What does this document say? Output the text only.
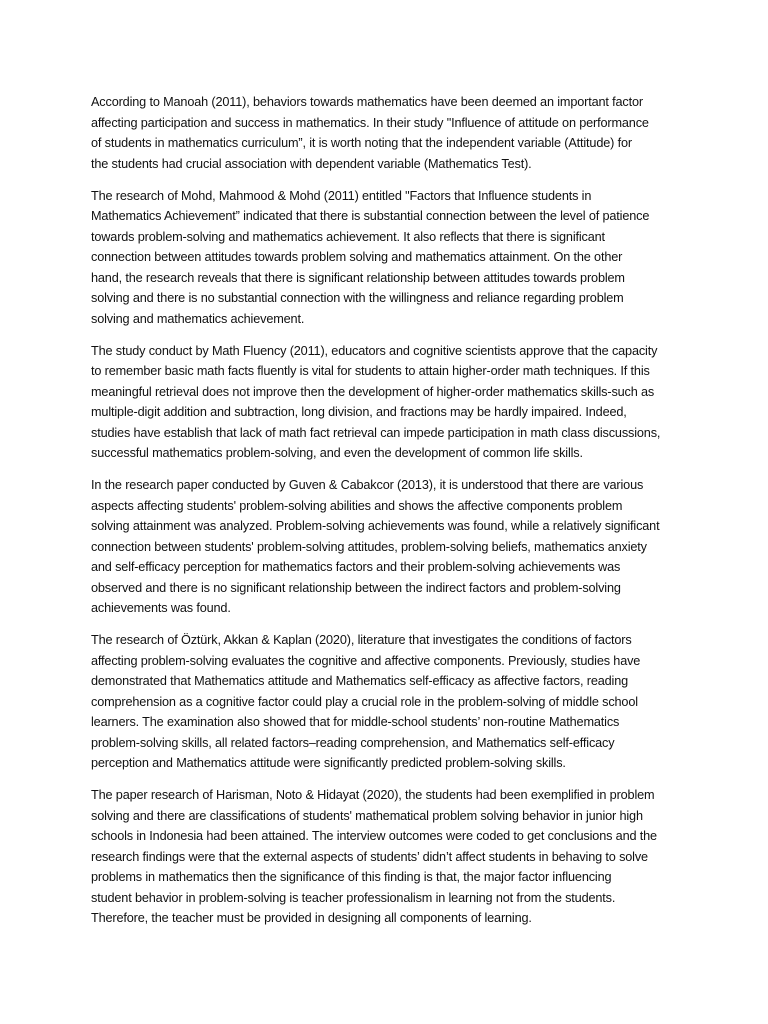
According to Manoah (2011), behaviors towards mathematics have been deemed an important factor
affecting participation and success in mathematics. In their study "Influence of attitude on performance
of students in mathematics curriculum”, it is worth noting that the independent variable (Attitude) for
the students had crucial association with dependent variable (Mathematics Test).

The research of Mohd, Mahmood & Mohd (2011) entitled "Factors that Influence students in
Mathematics Achievement” indicated that there is substantial connection between the level of patience
towards problem-solving and mathematics achievement. It also reflects that there is significant
connection between attitudes towards problem solving and mathematics attainment. On the other
hand, the research reveals that there is significant relationship between attitudes towards problem
solving and there is no substantial connection with the willingness and reliance regarding problem
solving and mathematics achievement.

The study conduct by Math Fluency (2011), educators and cognitive scientists approve that the capacity
to remember basic math facts fluently is vital for students to attain higher-order math techniques. If this
meaningful retrieval does not improve then the development of higher-order mathematics skills-such as
multiple-digit addition and subtraction, long division, and fractions may be hardly impaired. Indeed,
studies have establish that lack of math fact retrieval can impede participation in math class discussions,
successful mathematics problem-solving, and even the development of common life skills.

In the research paper conducted by Guven & Cabakcor (2013), it is understood that there are various
aspects affecting students' problem-solving abilities and shows the affective components problem
solving attainment was analyzed. Problem-solving achievements was found, while a relatively significant
connection between students' problem-solving attitudes, problem-solving beliefs, mathematics anxiety
and self-efficacy perception for mathematics factors and their problem-solving achievements was
observed and there is no significant relationship between the indirect factors and problem-solving
achievements was found.

The research of Öztürk, Akkan & Kaplan (2020), literature that investigates the conditions of factors
affecting problem-solving evaluates the cognitive and affective components. Previously, studies have
demonstrated that Mathematics attitude and Mathematics self-efficacy as affective factors, reading
comprehension as a cognitive factor could play a crucial role in the problem-solving of middle school
learners. The examination also showed that for middle-school students’ non-routine Mathematics
problem-solving skills, all related factors–reading comprehension, and Mathematics self-efficacy
perception and Mathematics attitude were significantly predicted problem-solving skills.

The paper research of Harisman, Noto & Hidayat (2020), the students had been exemplified in problem
solving and there are classifications of students' mathematical problem solving behavior in junior high
schools in Indonesia had been attained. The interview outcomes were coded to get conclusions and the
research findings were that the external aspects of students’ didn’t affect students in behaving to solve
problems in mathematics then the significance of this finding is that, the major factor influencing
student behavior in problem-solving is teacher professionalism in learning not from the students.
Therefore, the teacher must be provided in designing all components of learning.
